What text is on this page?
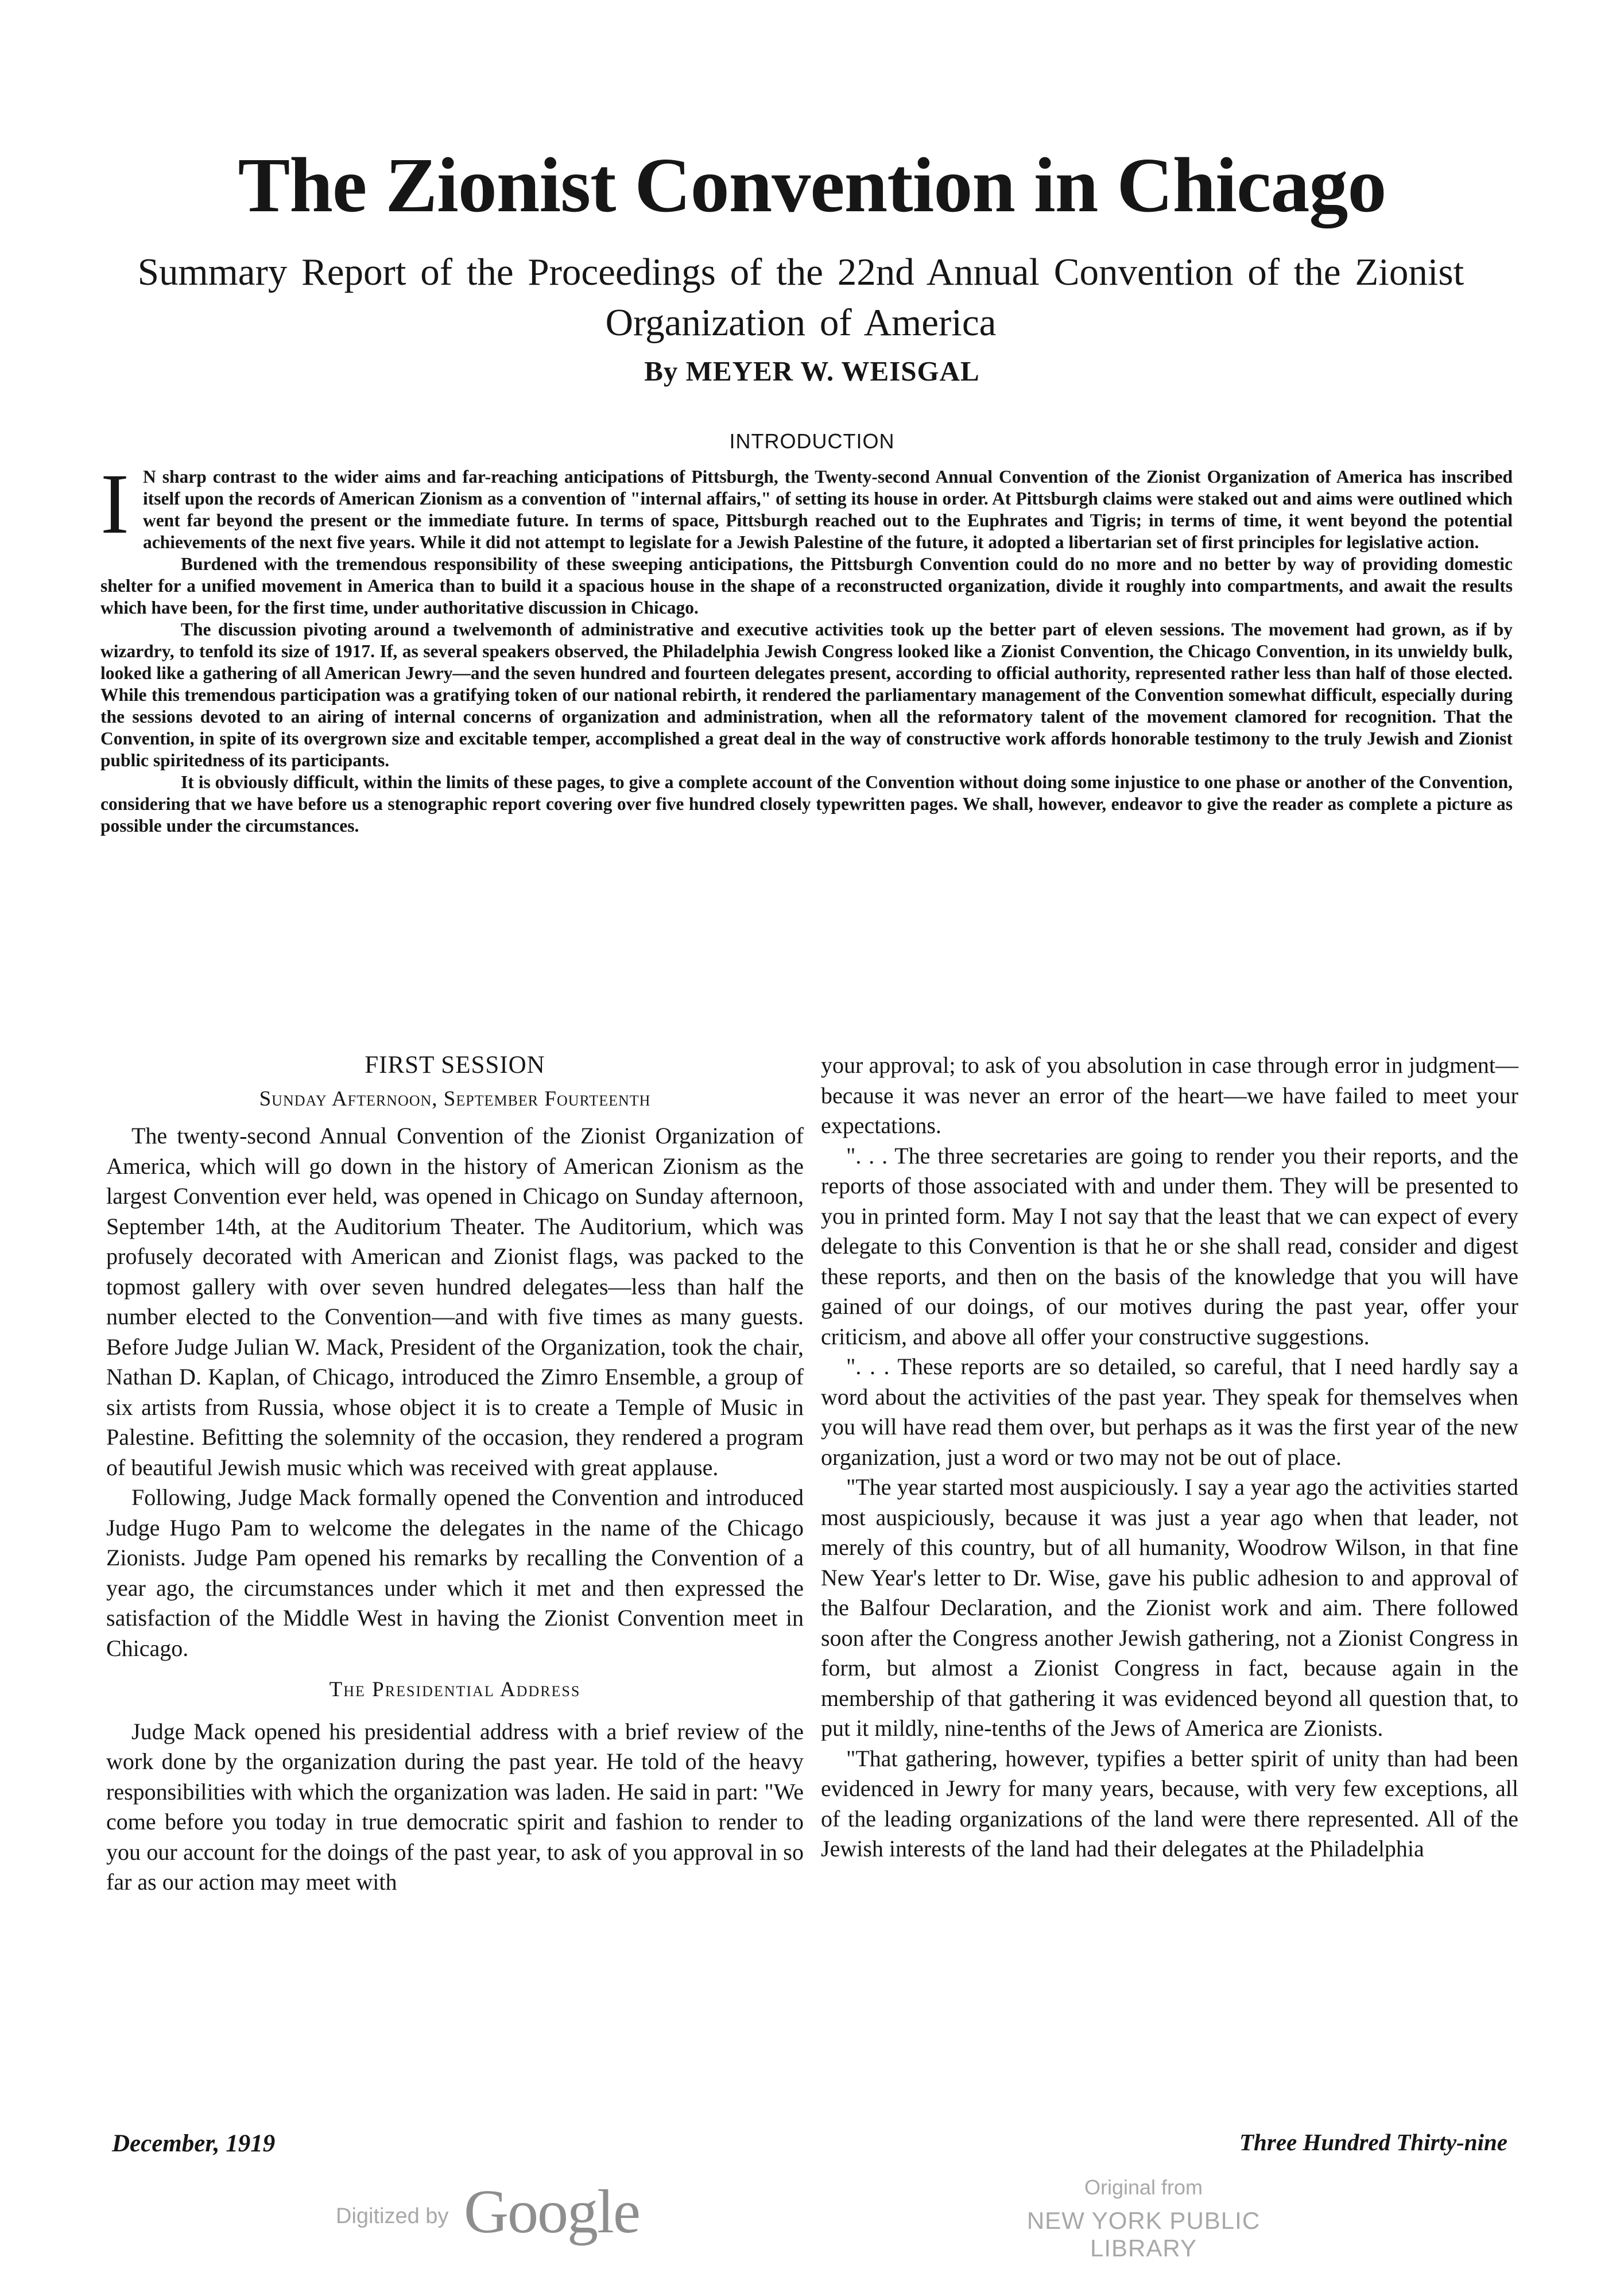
The Zionist Convention in Chicago
Summary Report of the Proceedings of the 22nd Annual Convention of the Zionist Organization of America
By MEYER W. WEISGAL
INTRODUCTION

I N sharp contrast to the wider aims and far-reaching anticipations of Pittsburgh, the Twenty-second Annual Convention of the Zionist Organization of America has inscribed itself upon the records of American Zionism as a convention of "internal affairs," of setting its house in order. At Pittsburgh claims were staked out and aims were outlined which went far beyond the present or the immediate future. In terms of space, Pittsburgh reached out to the Euphrates and Tigris; in terms of time, it went beyond the potential achievements of the next five years. While it did not attempt to legislate for a Jewish Palestine of the future, it adopted a libertarian set of first principles for legislative action.

Burdened with the tremendous responsibility of these sweeping anticipations, the Pittsburgh Convention could do no more and no better by way of providing domestic shelter for a unified movement in America than to build it a spacious house in the shape of a reconstructed organization, divide it roughly into compartments, and await the results which have been, for the first time, under authoritative discussion in Chicago.

The discussion pivoting around a twelvemonth of administrative and executive activities took up the better part of eleven sessions. The movement had grown, as if by wizardry, to tenfold its size of 1917. If, as several speakers observed, the Philadelphia Jewish Congress looked like a Zionist Convention, the Chicago Convention, in its unwieldy bulk, looked like a gathering of all American Jewry—and the seven hundred and fourteen delegates present, according to official authority, represented rather less than half of those elected. While this tremendous participation was a gratifying token of our national rebirth, it rendered the parliamentary management of the Convention somewhat difficult, especially during the sessions devoted to an airing of internal concerns of organization and administration, when all the reformatory talent of the movement clamored for recognition. That the Convention, in spite of its overgrown size and excitable temper, accomplished a great deal in the way of constructive work affords honorable testimony to the truly Jewish and Zionist public spiritedness of its participants.

It is obviously difficult, within the limits of these pages, to give a complete account of the Convention without doing some injustice to one phase or another of the Convention, considering that we have before us a stenographic report covering over five hundred closely typewritten pages. We shall, however, endeavor to give the reader as complete a picture as possible under the circumstances.

FIRST SESSION
Sunday Afternoon, September Fourteenth

The twenty-second Annual Convention of the Zionist Organization of America, which will go down in the history of American Zionism as the largest Convention ever held, was opened in Chicago on Sunday afternoon, September 14th, at the Auditorium Theater. The Auditorium, which was profusely decorated with American and Zionist flags, was packed to the topmost gallery with over seven hundred delegates—less than half the number elected to the Convention—and with five times as many guests. Before Judge Julian W. Mack, President of the Organization, took the chair, Nathan D. Kaplan, of Chicago, introduced the Zimro Ensemble, a group of six artists from Russia, whose object it is to create a Temple of Music in Palestine. Befitting the solemnity of the occasion, they rendered a program of beautiful Jewish music which was received with great applause.

Following, Judge Mack formally opened the Convention and introduced Judge Hugo Pam to welcome the delegates in the name of the Chicago Zionists. Judge Pam opened his remarks by recalling the Convention of a year ago, the circumstances under which it met and then expressed the satisfaction of the Middle West in having the Zionist Convention meet in Chicago.

The Presidential Address

Judge Mack opened his presidential address with a brief review of the work done by the organization during the past year. He told of the heavy responsibilities with which the organization was laden. He said in part: "We come before you today in true democratic spirit and fashion to render to you our account for the doings of the past year, to ask of you approval in so far as our action may meet with

your approval; to ask of you absolution in case through error in judgment—because it was never an error of the heart—we have failed to meet your expectations.

". . . The three secretaries are going to render you their reports, and the reports of those associated with and under them. They will be presented to you in printed form. May I not say that the least that we can expect of every delegate to this Convention is that he or she shall read, consider and digest these reports, and then on the basis of the knowledge that you will have gained of our doings, of our motives during the past year, offer your criticism, and above all offer your constructive suggestions.

". . . These reports are so detailed, so careful, that I need hardly say a word about the activities of the past year. They speak for themselves when you will have read them over, but perhaps as it was the first year of the new organization, just a word or two may not be out of place.

"The year started most auspiciously. I say a year ago the activities started most auspiciously, because it was just a year ago when that leader, not merely of this country, but of all humanity, Woodrow Wilson, in that fine New Year's letter to Dr. Wise, gave his public adhesion to and approval of the Balfour Declaration, and the Zionist work and aim. There followed soon after the Congress another Jewish gathering, not a Zionist Congress in form, but almost a Zionist Congress in fact, because again in the membership of that gathering it was evidenced beyond all question that, to put it mildly, nine-tenths of the Jews of America are Zionists.

"That gathering, however, typifies a better spirit of unity than had been evidenced in Jewry for many years, because, with very few exceptions, all of the leading organizations of the land were there represented. All of the Jewish interests of the land had their delegates at the Philadelphia

December, 1919	Three Hundred Thirty-nine
Digitized by Google	Original from
NEW YORK PUBLIC LIBRARY
